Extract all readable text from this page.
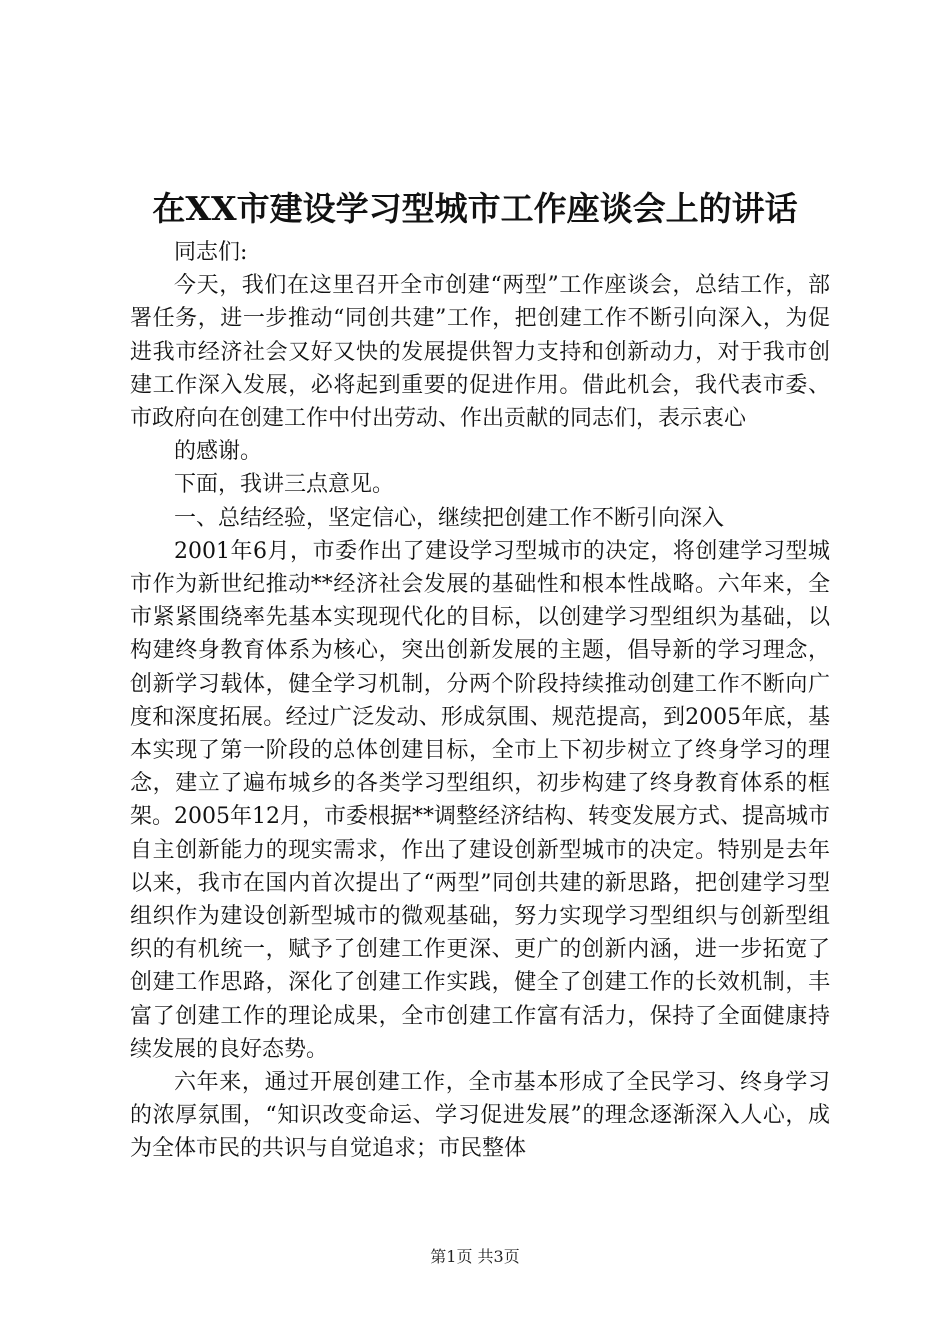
在XX市建设学习型城市工作座谈会上的讲话

同志们:

今天，我们在这里召开全市创建“两型”工作座谈会，总结工作，部署任务，进一步推动“同创共建”工作，把创建工作不断引向深入，为促进我市经济社会又好又快的发展提供智力支持和创新动力，对于我市创建工作深入发展，必将起到重要的促进作用。借此机会，我代表市委、市政府向在创建工作中付出劳动、作出贡献的同志们，表示衷心

的感谢。

下面，我讲三点意见。

一、总结经验，坚定信心，继续把创建工作不断引向深入

2001年6月，市委作出了建设学习型城市的决定，将创建学习型城市作为新世纪推动**经济社会发展的基础性和根本性战略。六年来，全市紧紧围绕率先基本实现现代化的目标，以创建学习型组织为基础，以构建终身教育体系为核心，突出创新发展的主题，倡导新的学习理念，创新学习载体，健全学习机制，分两个阶段持续推动创建工作不断向广度和深度拓展。经过广泛发动、形成氛围、规范提高，到2005年底，基本实现了第一阶段的总体创建目标，全市上下初步树立了终身学习的理念，建立了遍布城乡的各类学习型组织，初步构建了终身教育体系的框架。2005年12月，市委根据**调整经济结构、转变发展方式、提高城市自主创新能力的现实需求，作出了建设创新型城市的决定。特别是去年以来，我市在国内首次提出了“两型”同创共建的新思路，把创建学习型组织作为建设创新型城市的微观基础，努力实现学习型组织与创新型组织的有机统一，赋予了创建工作更深、更广的创新内涵，进一步拓宽了创建工作思路，深化了创建工作实践，健全了创建工作的长效机制，丰富了创建工作的理论成果，全市创建工作富有活力，保持了全面健康持续发展的良好态势。

六年来，通过开展创建工作，全市基本形成了全民学习、终身学习的浓厚氛围，“知识改变命运、学习促进发展”的理念逐渐深入人心，成为全体市民的共识与自觉追求；市民整体

第1页 共3页
